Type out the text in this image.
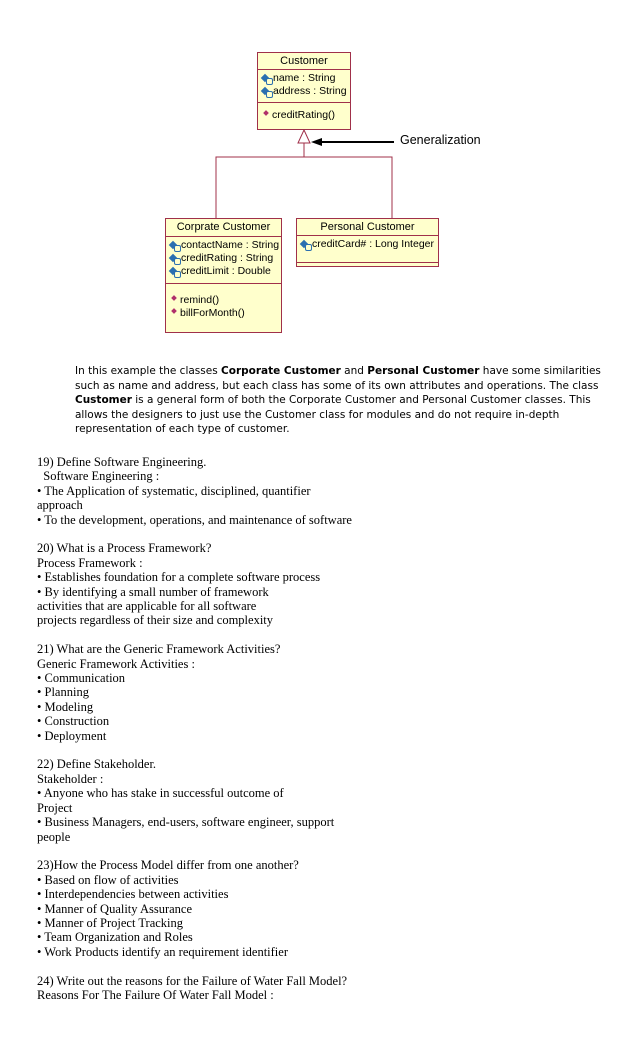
Customer
name : String
address : String
creditRating()
Generalization
Corprate Customer
contactName : String
creditRating : String
creditLimit : Double
remind()
billForMonth()
Personal Customer
creditCard# : Long Integer
In this example the classes Corporate Customer and Personal Customer have some similarities such as name and address, but each class has some of its own attributes and operations. The class Customer is a general form of both the Corporate Customer and Personal Customer classes. This allows the designers to just use the Customer class for modules and do not require in-depth representation of each type of customer.
19) Define Software Engineering.
Software Engineering :
• The Application of systematic, disciplined, quantifier
approach
• To the development, operations, and maintenance of software
20) What is a Process Framework?
Process Framework :
• Establishes foundation for a complete software process
• By identifying a small number of framework
activities that are applicable for all software
projects regardless of their size and complexity
21) What are the Generic Framework Activities?
Generic Framework Activities :
• Communication
• Planning
• Modeling
• Construction
• Deployment
22) Define Stakeholder.
Stakeholder :
• Anyone who has stake in successful outcome of
Project
• Business Managers, end-users, software engineer, support
people
23)How the Process Model differ from one another?
• Based on flow of activities
• Interdependencies between activities
• Manner of Quality Assurance
• Manner of Project Tracking
• Team Organization and Roles
• Work Products identify an requirement identifier
24) Write out the reasons for the Failure of Water Fall Model?
Reasons For The Failure Of Water Fall Model :
